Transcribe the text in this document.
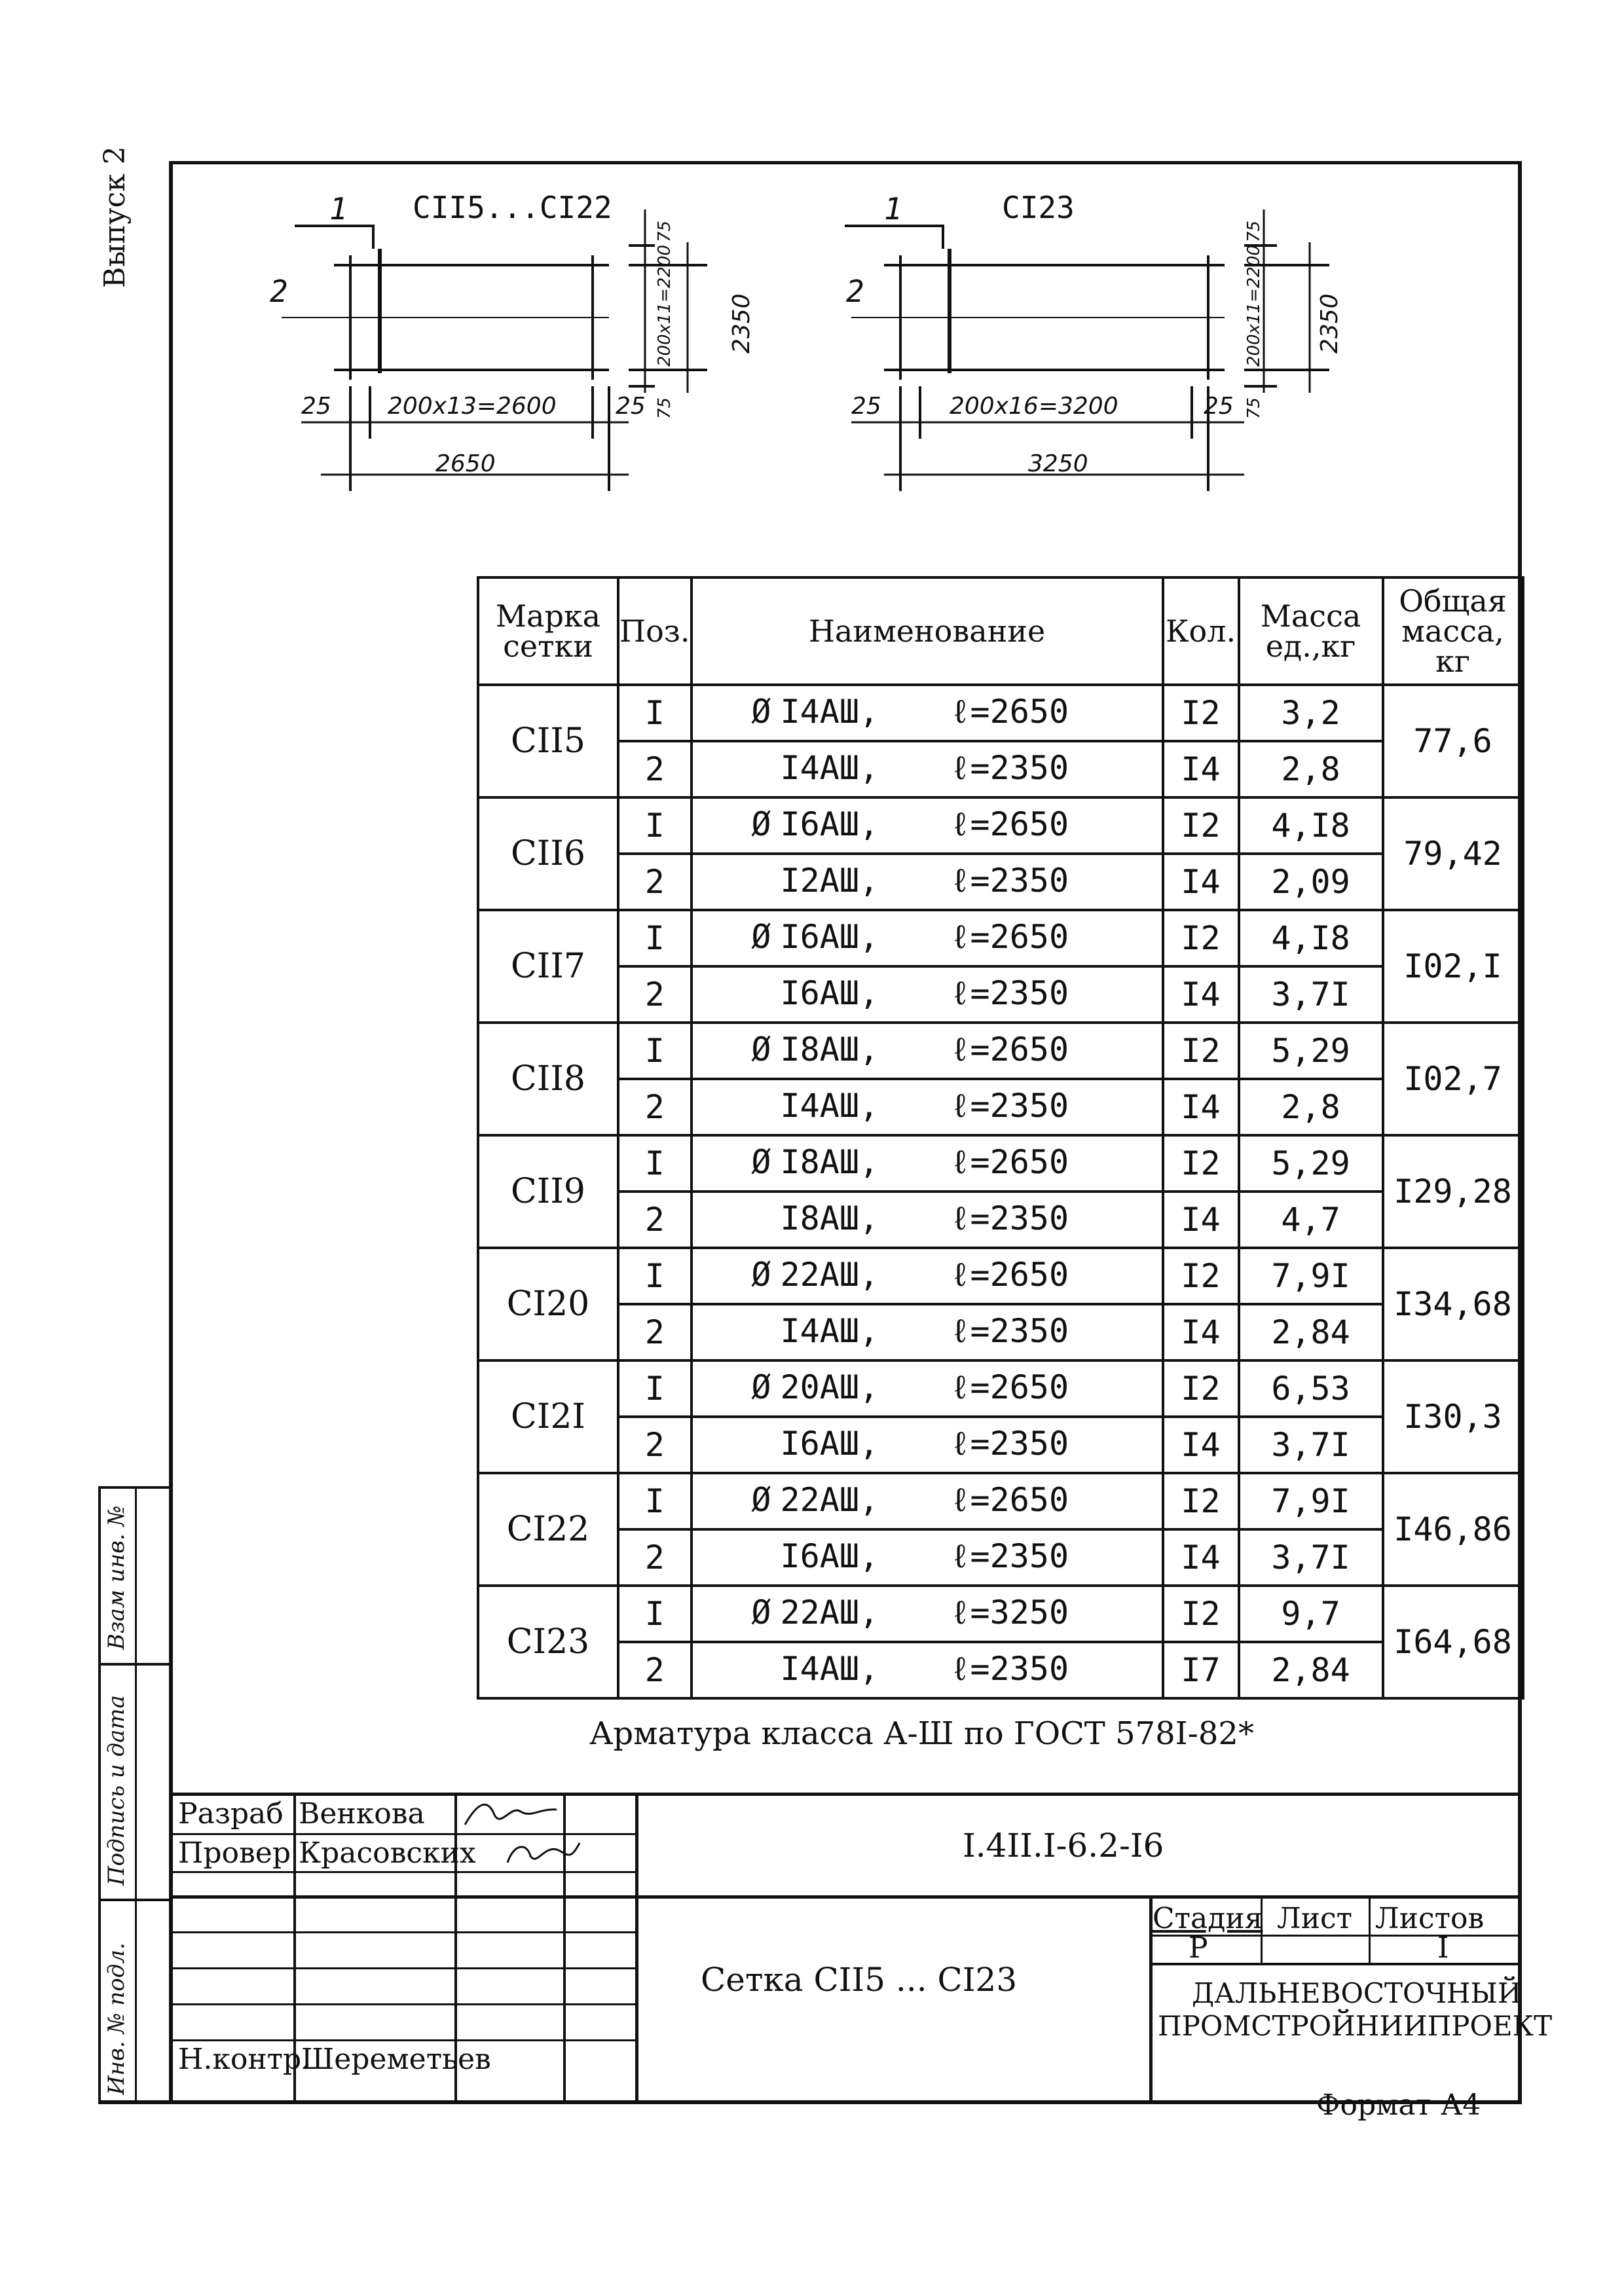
Выпуск 2	1
2
СII5...СI22
25 200x13=2600	25
2650
75
200x11=2200
75
2350
1
2
СI23
25	200x16=3200	25
3250
75
200x11=2200
75
2350
Марка сетки	Поз.	Наименование	Кол.	Масса ед.,кг	Общая масса, кг
СII5	I	Ø I4АШ, ℓ=2650	I2	3,2	77,6
	2	I4АШ, ℓ=2350	I4	2,8	
СII6	I	Ø I6АШ, ℓ=2650	I2	4,I8	79,42
	2	I2АШ, ℓ=2350	I4	2,09	
СII7	I	Ø I6АШ, ℓ=2650	I2	4,I8	I02,I
	2	I6АШ, ℓ=2350	I4	3,7I	
СII8	I	Ø I8АШ, ℓ=2650	I2	5,29	I02,7
	2	I4АШ, ℓ=2350	I4	2,8	
СII9	I	Ø I8АШ, ℓ=2650	I2	5,29	I29,28
	2	I8АШ, ℓ=2350	I4	4,7	
СI20	I	Ø 22АШ, ℓ=2650	I2	7,9I	I34,68
	2	I4АШ, ℓ=2350	I4	2,84	
СI2I	I	Ø 20АШ, ℓ=2650	I2	6,53	I30,3
	2	I6АШ, ℓ=2350	I4	3,7I	
СI22	I	Ø 22АШ, ℓ=2650	I2	7,9I	I46,86
	2	I6АШ, ℓ=2350	I4	3,7I	
СI23	I	Ø 22АШ, ℓ=3250	I2	9,7	I64,68
	2	I4АШ, ℓ=2350	I7	2,84	
Арматура класса А-Ш по ГОСТ 578I-82*
Разраб Венкова
Провер Красовских
Н.контр.
Шереметьев
I.4II.I-6.2-I6
Сетка СII5 ... СI23
Стадия Лист Листов
Р	I
ДАЛЬНЕВОСТОЧНЫЙ
ПРОМСТРОЙНИИПРОЕКТ
Инв. № подл.
Подпись и дата
Взам инв. №
Формат А4
